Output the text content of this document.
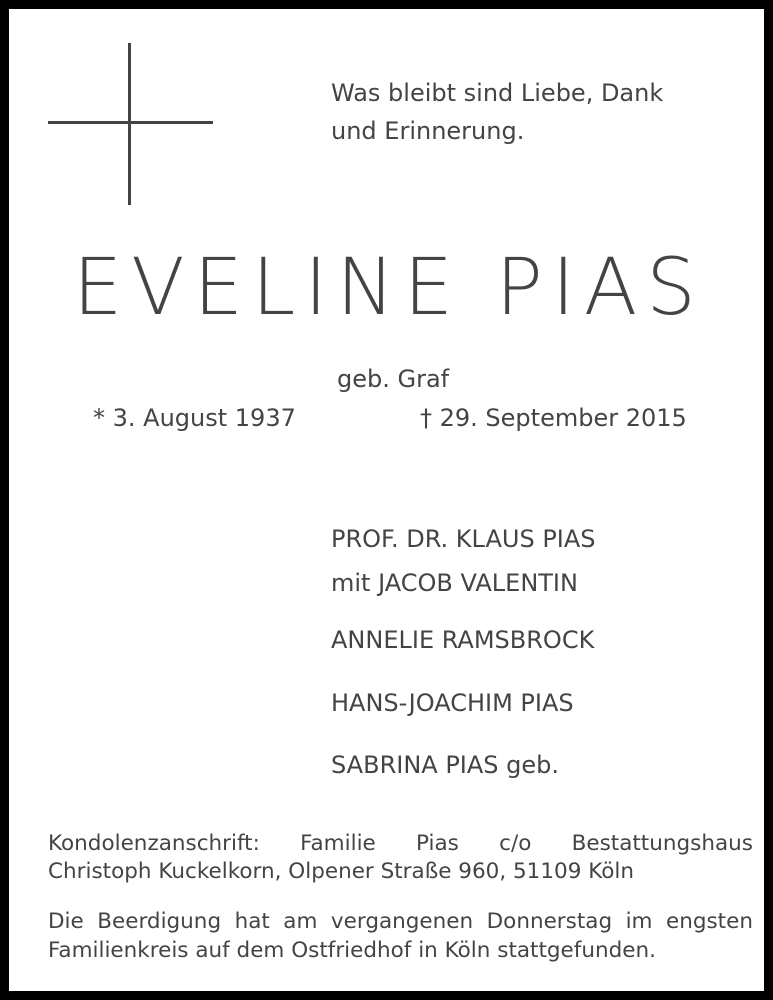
Was bleibt sind Liebe, Dank

und Erinnerung.

EVELINE PIAS

geb. Graf

* 3. August 1937	† 29. September 2015

PROF. DR. KLAUS PIAS

mit JACOB VALENTIN

ANNELIE RAMSBROCK

HANS-JOACHIM PIAS

SABRINA PIAS geb.

Kondolenzanschrift: Familie Pias c/o Bestattungshaus

Christoph Kuckelkorn, Olpener Straße 960, 51109 Köln

Die Beerdigung hat am vergangenen Donnerstag im engsten

Familienkreis auf dem Ostfriedhof in Köln stattgefunden.
